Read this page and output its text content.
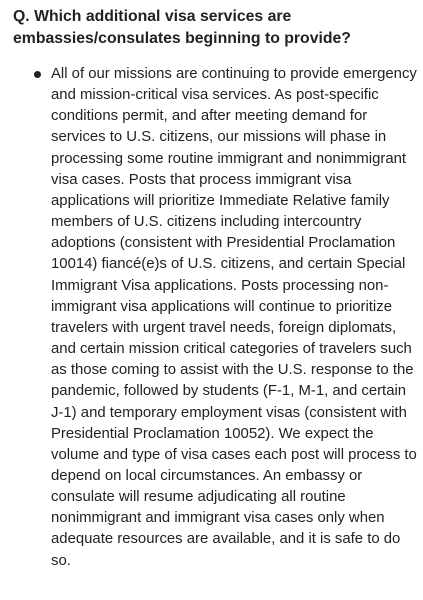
Q. Which additional visa services are embassies/consulates beginning to provide?
All of our missions are continuing to provide emergency and mission-critical visa services. As post-specific conditions permit, and after meeting demand for services to U.S. citizens, our missions will phase in processing some routine immigrant and nonimmigrant visa cases. Posts that process immigrant visa applications will prioritize Immediate Relative family members of U.S. citizens including intercountry adoptions (consistent with Presidential Proclamation 10014) fiancé(e)s of U.S. citizens, and certain Special Immigrant Visa applications. Posts processing non-immigrant visa applications will continue to prioritize travelers with urgent travel needs, foreign diplomats, and certain mission critical categories of travelers such as those coming to assist with the U.S. response to the pandemic, followed by students (F-1, M-1, and certain J-1) and temporary employment visas (consistent with Presidential Proclamation 10052). We expect the volume and type of visa cases each post will process to depend on local circumstances. An embassy or consulate will resume adjudicating all routine nonimmigrant and immigrant visa cases only when adequate resources are available, and it is safe to do so.
